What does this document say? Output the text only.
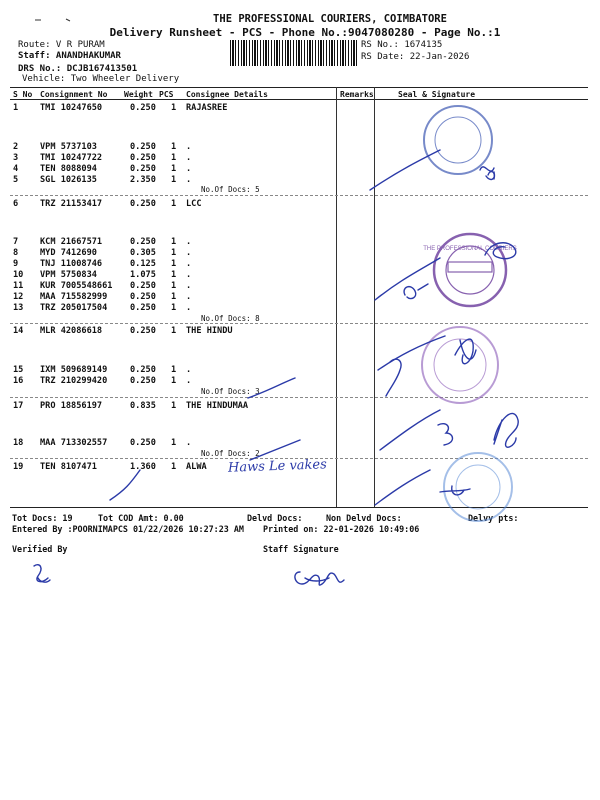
THE PROFESSIONAL COURIERS, COIMBATORE
Delivery Runsheet - PCS - Phone No.:9047080280 - Page No.:1
Route: V R PURAM
Staff: ANANDHAKUMAR
DRS No.: DCJB167413501
Vehicle: Two Wheeler Delivery
RS No.: 1674135
RS Date: 22-Jan-2026
S No Consignment No Weight PCS Consignee Details	Remarks	Seal & Signature
1	TMI 10247650	0.250 1 RAJASREE
2	VPM 5737103	0.250 1 .
3	TMI 10247722	0.250 1 .
4	TEN 8088094	0.250 1 .
5	SGL 1026135	2.350 1 .
No.Of Docs: 5
6	TRZ 21153417	0.250 1 LCC
7	KCM 21667571	0.250 1 .
8	MYD 7412690	0.305 1 .
9	TNJ 11008746	0.125 1 .
10 VPM 5750834	1.075 1 .
11 KUR 7005548661 0.250 1 .
12 MAA 715582999	0.250 1 .
13 TRZ 205017504	0.250 1 .
No.Of Docs: 8
14 MLR 42086618	0.250 1 THE HINDU
15 IXM 509689149	0.250 1 .
16 TRZ 210299420	0.250 1 .
No.Of Docs: 3
17 PRO 18856197	0.835 1 THE HINDUMAA
18 MAA 713302557	0.250 1 .
No.Of Docs: 2
19 TEN 8107471	1.360 1 ALWA
Tot Docs: 19	Tot COD Amt: 0.00	Delvd Docs:	Non Delvd Docs:	Delvy pts:
Entered By :POORNIMAPCS 01/22/2026 10:27:23 AM Printed on: 22-01-2026 10:49:06
Verified By	Staff Signature
Haws Le vakes
THE PROFESSIONAL COURIERS
